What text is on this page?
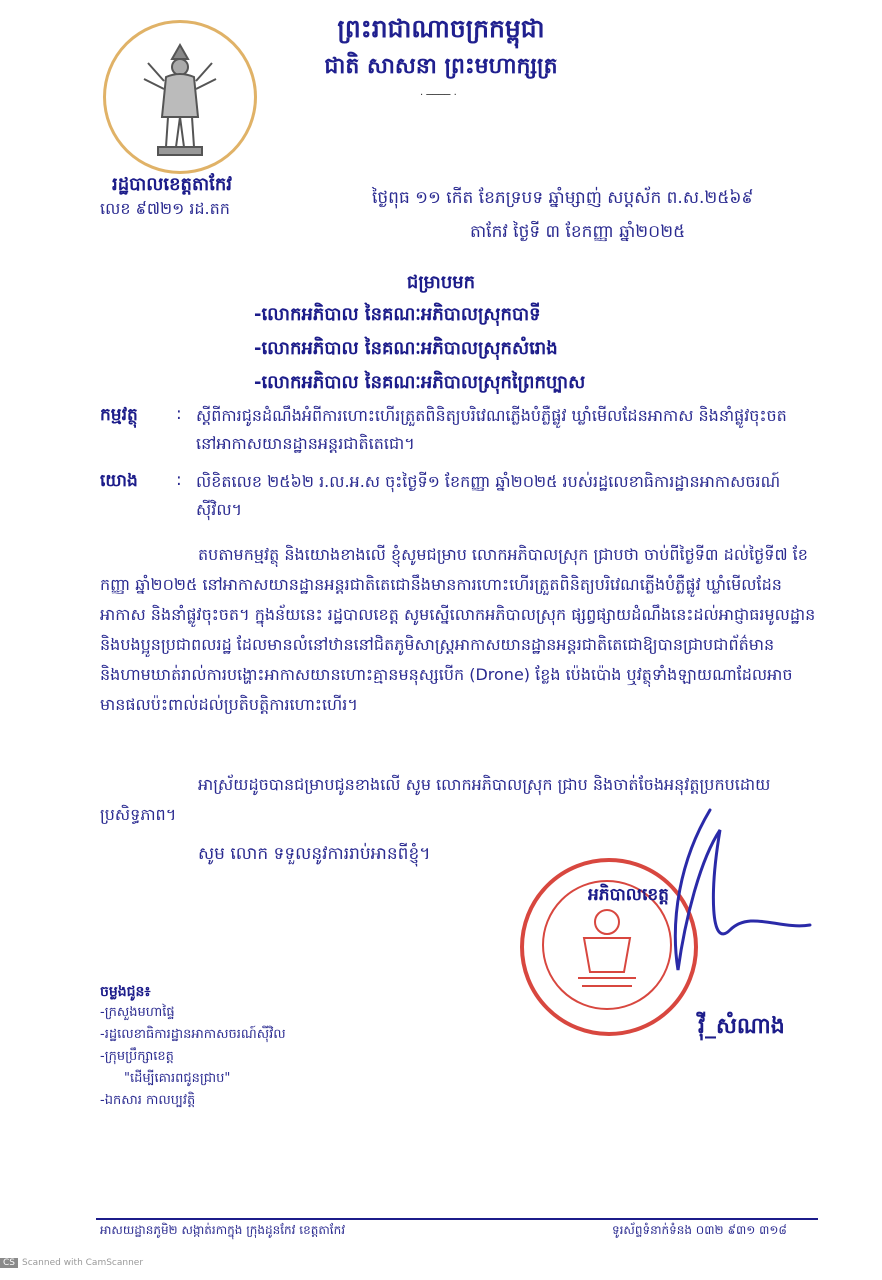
ព្រះរាជាណាចក្រកម្ពុជា
ជាតិ សាសនា ព្រះមហាក្សត្រ
· ──── ·
រដ្ឋបាលខេត្តតាកែវ
លេខ ៩៧២១ រដ.តក
ថ្ងៃពុធ ១១ កើត ខែភទ្របទ ឆ្នាំម្សាញ់ សប្តស័ក ព.ស.២៥៦៩
តាកែវ ថ្ងៃទី ៣ ខែកញ្ញា ឆ្នាំ២០២៥
ជម្រាបមក
-លោកអភិបាល នៃគណៈអភិបាលស្រុកបាទី
-លោកអភិបាល នៃគណៈអភិបាលស្រុកសំរោង
-លោកអភិបាល នៃគណៈអភិបាលស្រុកព្រៃកប្បាស
កម្មវត្ថុ : ស្តីពីការជូនដំណឹងអំពីការហោះហើរត្រួតពិនិត្យបរិវេណភ្លើងបំភ្លឺផ្លូវ ឃ្លាំមើលដែនអាកាស និងនាំផ្លូវចុះចតនៅអាកាសយានដ្ឋានអន្តរជាតិតេជោ។
យោង : លិខិតលេខ ២៥៦២ រ.ល.អ.ស ចុះថ្ងៃទី១ ខែកញ្ញា ឆ្នាំ២០២៥ របស់រដ្ឋលេខាធិការដ្ឋានអាកាសចរណ៍ស៊ីវិល។
តបតាមកម្មវត្ថុ និងយោងខាងលើ ខ្ញុំសូមជម្រាប លោកអភិបាលស្រុក ជ្រាបថា ចាប់ពីថ្ងៃទី៣ ដល់ថ្ងៃទី៧ ខែកញ្ញា ឆ្នាំ២០២៥ នៅអាកាសយានដ្ឋានអន្តរជាតិតេជោនឹងមានការហោះហើរត្រួតពិនិត្យបរិវេណភ្លើងបំភ្លឺផ្លូវ ឃ្លាំមើលដែនអាកាស និងនាំផ្លូវចុះចត។ ក្នុងន័យនេះ រដ្ឋបាលខេត្ត សូមស្នើលោកអភិបាលស្រុក ផ្សព្វផ្សាយដំណឹងនេះដល់អាជ្ញាធរមូលដ្ឋាន និងបងប្អូនប្រជាពលរដ្ឋ ដែលមានលំនៅឋាននៅជិតភូមិសាស្ត្រអាកាសយានដ្ឋានអន្តរជាតិតេជោឱ្យបានជ្រាបជាព័ត៌មាន និងហាមឃាត់រាល់ការបង្ហោះអាកាសយានហោះគ្មានមនុស្សបើក (Drone) ខ្លែង ប៉េងប៉ោង ឬវត្ថុទាំងឡាយណាដែលអាចមានផលប៉ះពាល់ដល់ប្រតិបត្តិការហោះហើរ។
អាស្រ័យដូចបានជម្រាបជូនខាងលើ សូម លោកអភិបាលស្រុក ជ្រាប និងចាត់ចែងអនុវត្តប្រកបដោយប្រសិទ្ធភាព។
សូម លោក ទទួលនូវការរាប់អានពីខ្ញុំ។
អភិបាលខេត្ត
វ៉ី_សំណាង
ចម្លងជូន៖
-ក្រសួងមហាផ្ទៃ
-រដ្ឋលេខាធិការដ្ឋានអាកាសចរណ៍ស៊ីវិល
-ក្រុមប្រឹក្សាខេត្ត
"ដើម្បីគោរពជូនជ្រាប"
-ឯកសារ កាលប្បវត្តិ
អាសយដ្ឋានភូមិ២ សង្កាត់រកាក្នុង ក្រុងដូនកែវ ខេត្តតាកែវ	ទូរស័ព្ទទំនាក់ទំនង ០៣២ ៩៣១ ៣១៨
CS Scanned with CamScanner
